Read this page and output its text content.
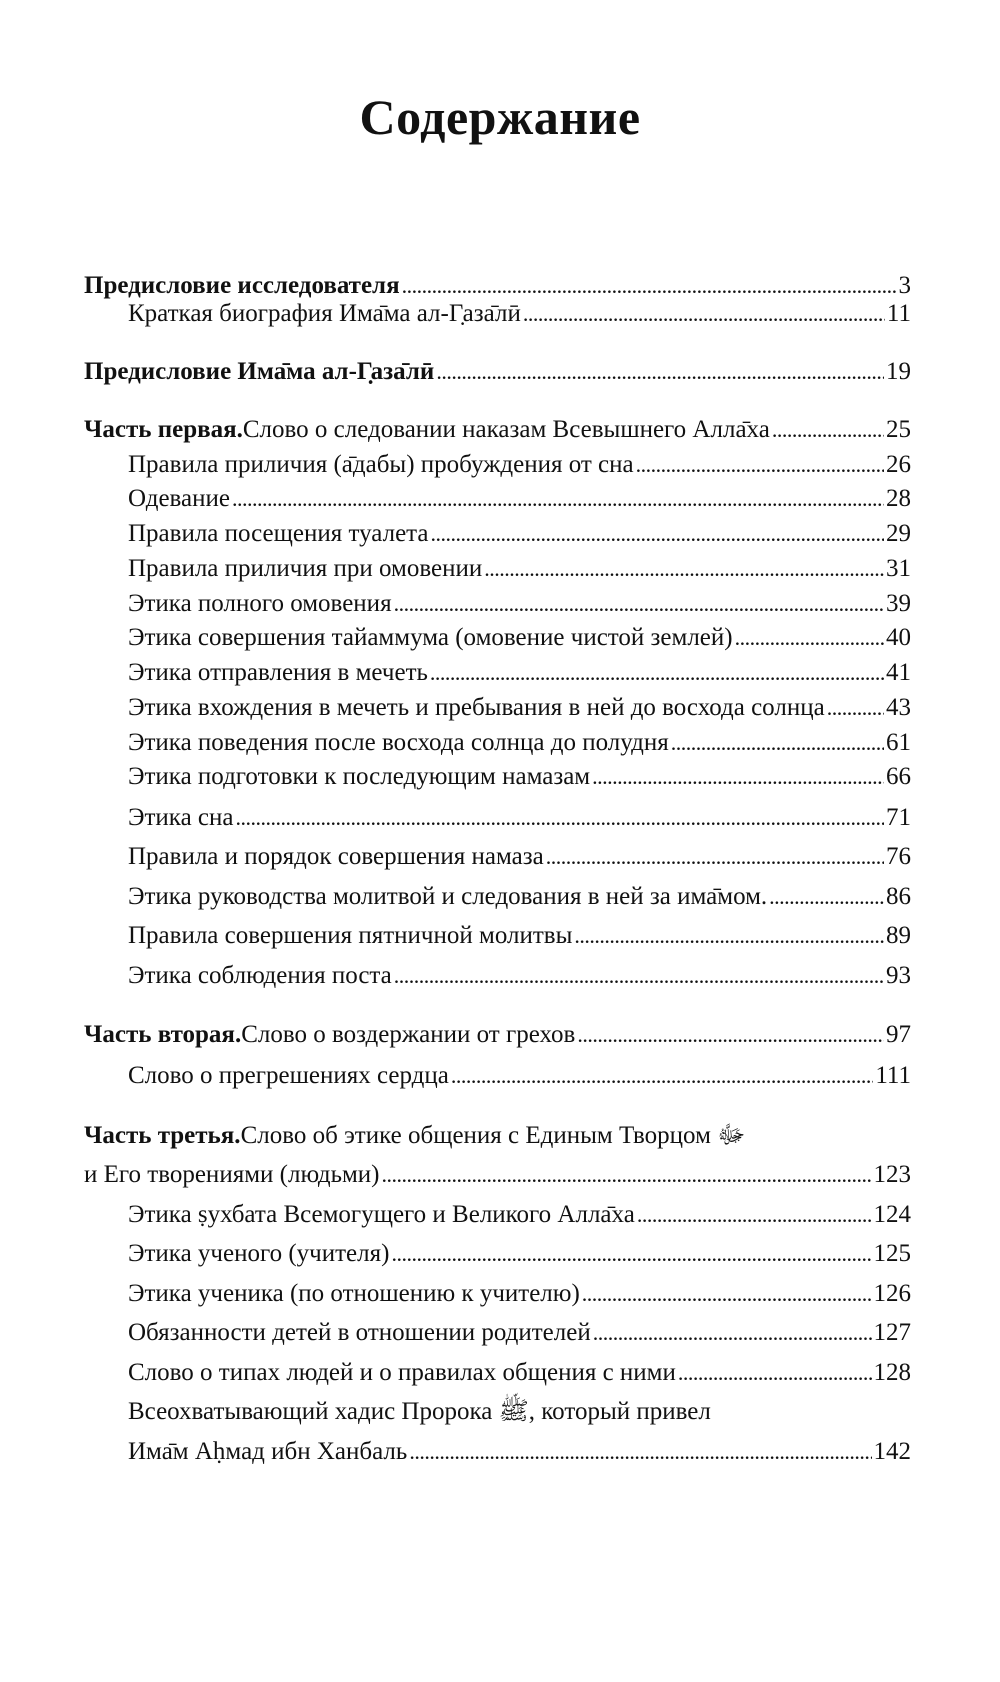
Содержание
Предисловие исследователя . . .	3
Краткая биография Има̄ма ал-Г̣аза̄лӣ . . .	11
Предисловие Има̄ма ал-Г̣аза̄лӣ . . .	19
Часть первая. Слово о следовании наказам Всевышнего Алла̄ха . . .	25
Правила приличия (а̄дабы) пробуждения от сна . . .	26
Одевание . . .	28
Правила посещения туалета . . .	29
Правила приличия при омовении . . .	31
Этика полного омовения . . .	39
Этика совершения тайаммума (омовение чистой землей) . . .	40
Этика отправления в мечеть . . .	41
Этика вхождения в мечеть и пребывания в ней до восхода солнца . . . 43
Этика поведения после восхода солнца до полудня . . .	61
Этика подготовки к последующим намазам . . .	66
Этика сна . . .	71
Правила и порядок совершения намаза . . .	76
Этика руководства молитвой и следования в ней за има̄мом. . . .	86
Правила совершения пятничной молитвы . . .	89
Этика соблюдения поста . . .	93
Часть вторая. Слово о воздержании от грехов . . .	97
Слово о прегрешениях сердца . . .	111
Часть третья. Слово об этике общения с Единым Творцом ﷻ
и Его творениями (людьми) . . .	123
Этика ṣухбата Всемогущего и Великого Алла̄ха . . .	124
Этика ученого (учителя) . . .	125
Этика ученика (по отношению к учителю) . . .	126
Обязанности детей в отношении родителей . . .	127
Слово о типах людей и о правилах общения с ними . . .	128
Всеохватывающий хадис Пророка ﷺ, который привел
Има̄м Аḥмад ибн Ханбаль . . .	142
